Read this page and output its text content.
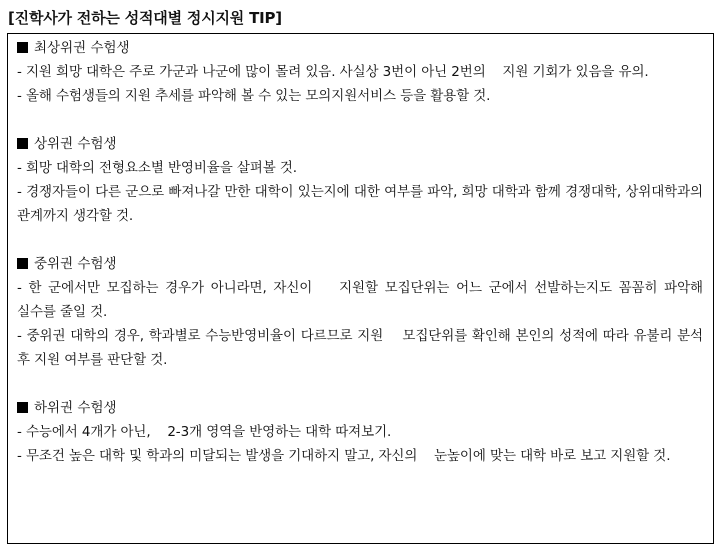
[진학사가 전하는 성적대별 정시지원 TIP]
최상위권 수험생
- 지원 희망 대학은 주로 가군과 나군에 많이 몰려 있음. 사실상 3번이 아닌 2번의    지원 기회가 있음을 유의.
- 올해 수험생들의 지원 추세를 파악해 볼 수 있는 모의지원서비스 등을 활용할 것.
상위권 수험생
- 희망 대학의 전형요소별 반영비율을 살펴볼 것.
- 경쟁자들이 다른 군으로 빠져나갈 만한 대학이 있는지에 대한 여부를 파악, 희망 대학과 함께 경쟁대학, 상위대학과의 관계까지 생각할 것.
중위권 수험생
- 한 군에서만 모집하는 경우가 아니라면, 자신이    지원할 모집단위는 어느 군에서 선발하는지도 꼼꼼히 파악해 실수를 줄일 것.
- 중위권 대학의 경우, 학과별로 수능반영비율이 다르므로 지원    모집단위를 확인해 본인의 성적에 따라 유불리 분석 후 지원 여부를 판단할 것.
하위권 수험생
- 수능에서 4개가 아닌,    2-3개 영역을 반영하는 대학 따져보기.
- 무조건 높은 대학 및 학과의 미달되는 발생을 기대하지 말고, 자신의    눈높이에 맞는 대학 바로 보고 지원할 것.
